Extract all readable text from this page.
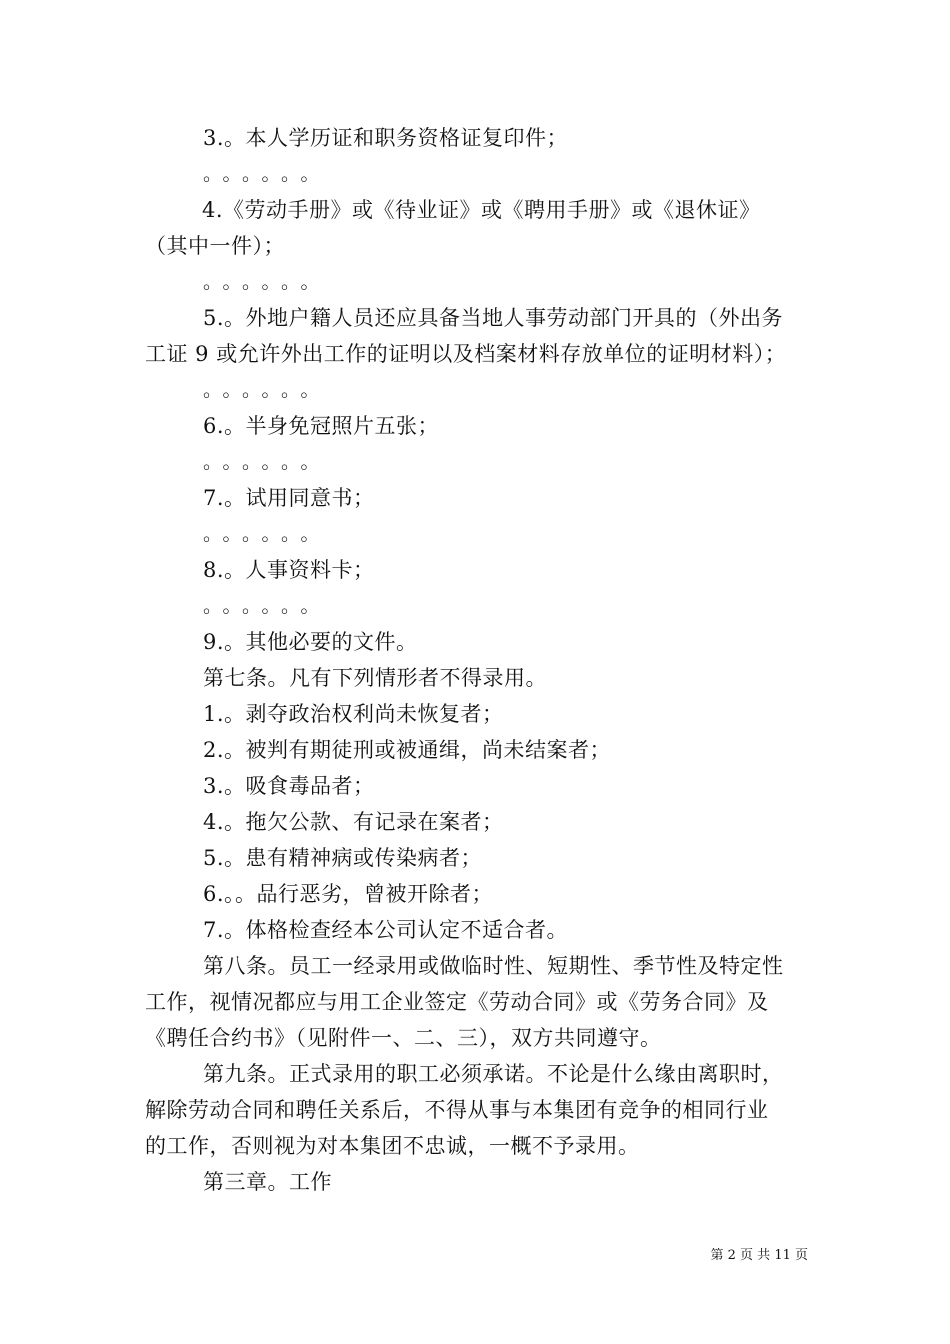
3.。本人学历证和职务资格证复印件；
。。。。。。
4.《劳动手册》或《待业证》或《聘用手册》或《退休证》
（其中一件）；
。。。。。。
5.。外地户籍人员还应具备当地人事劳动部门开具的（外出务
工证 9 或允许外出工作的证明以及档案材料存放单位的证明材料）；
。。。。。。
6.。半身免冠照片五张；
。。。。。。
7.。试用同意书；
。。。。。。
8.。人事资料卡；
。。。。。。
9.。其他必要的文件。
第七条。凡有下列情形者不得录用。
1.。剥夺政治权利尚未恢复者；
2.。被判有期徒刑或被通缉，尚未结案者；
3.。吸食毒品者；
4.。拖欠公款、有记录在案者；
5.。患有精神病或传染病者；
6.。。品行恶劣，曾被开除者；
7.。体格检查经本公司认定不适合者。
第八条。员工一经录用或做临时性、短期性、季节性及特定性
工作，视情况都应与用工企业签定《劳动合同》或《劳务合同》及
《聘任合约书》（见附件一、二、三），双方共同遵守。
第九条。正式录用的职工必须承诺。不论是什么缘由离职时，
解除劳动合同和聘任关系后，不得从事与本集团有竞争的相同行业
的工作，否则视为对本集团不忠诚，一概不予录用。
第三章。工作
第 2 页 共 11 页
